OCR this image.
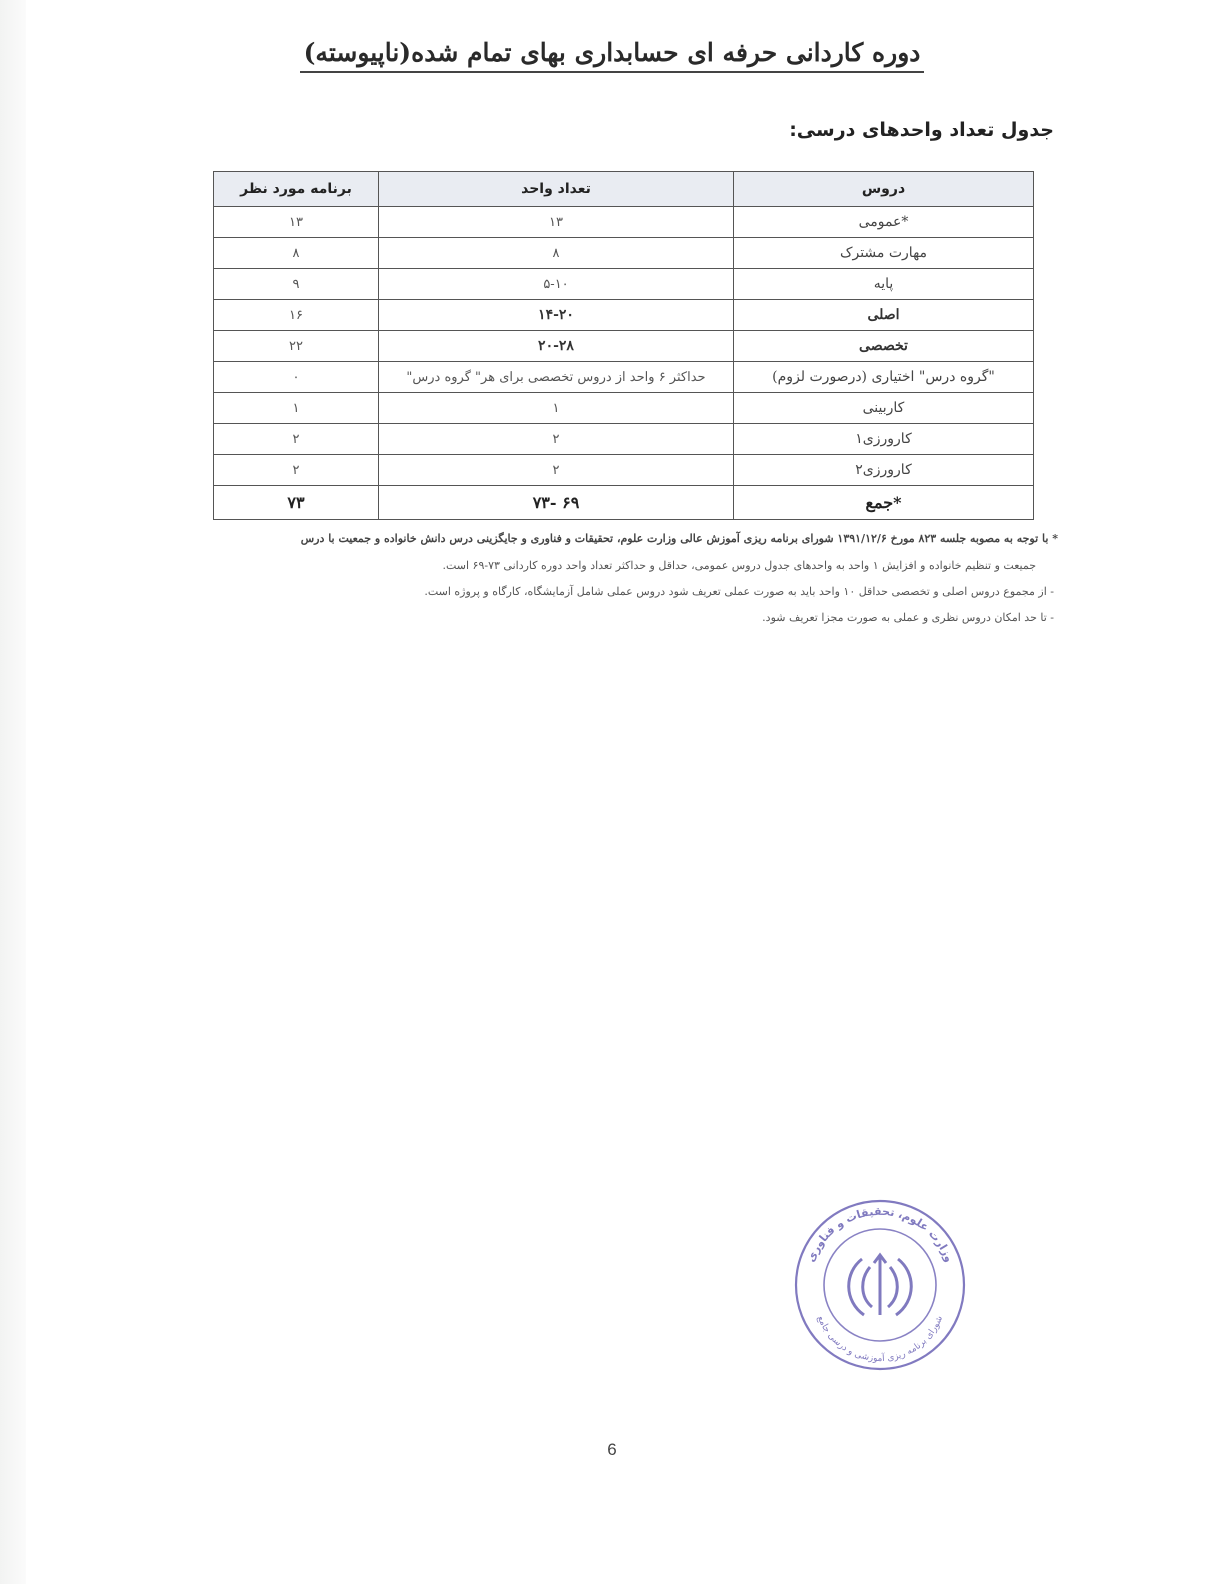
دوره کاردانی حرفه ای حسابداری بهای تمام شده(ناپیوسته)
جدول تعداد واحدهای درسی:
دروس	تعداد واحد	برنامه مورد نظر
*عمومی	۱۳	۱۳
مهارت مشترک	۸	۸
پایه	۵-۱۰	۹
اصلی	۱۴-۲۰	۱۶
تخصصی	۲۰-۲۸	۲۲
"گروه درس" اختیاری (درصورت لزوم)	حداکثر ۶ واحد از دروس تخصصی برای هر" گروه درس"	۰
کاربینی	۱	۱
کارورزی۱	۲	۲
کارورزی۲	۲	۲
*جمع	۶۹ -۷۳	۷۳

* با توجه به مصوبه جلسه ۸۲۳ مورخ ۱۳۹۱/۱۲/۶ شورای برنامه ریزی آموزش عالی وزارت علوم، تحقیقات و فناوری و جایگزینی درس دانش خانواده و جمعیت با درس

جمیعت و تنظیم خانواده و افزایش ۱ واحد به واحدهای جدول دروس عمومی، حداقل و حداکثر تعداد واحد دوره کاردانی ۷۳-۶۹ است.

- از مجموع دروس اصلی و تخصصی حداقل ۱۰ واحد باید به صورت عملی تعریف شود دروس عملی شامل آزمایشگاه، کارگاه و پروژه است.

- تا حد امکان دروس نظری و عملی به صورت مجزا تعریف شود.

وزارت علوم، تحقیقات و فناوری
شورای برنامه ریزی آموزشی و درسی جامع
6
